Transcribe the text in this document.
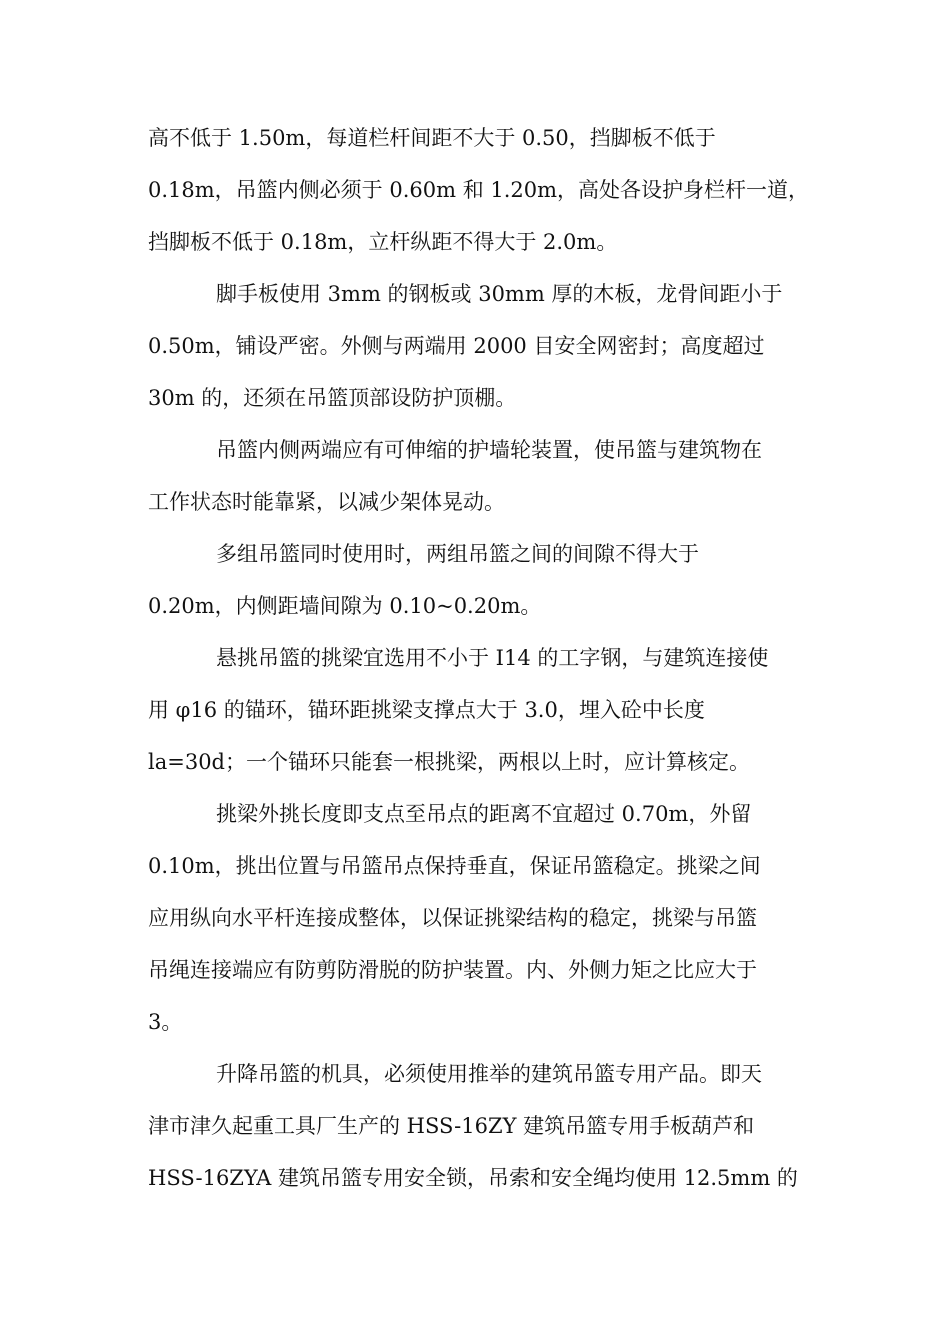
高不低于 1.50m，每道栏杆间距不大于 0.50，挡脚板不低于
0.18m，吊篮内侧必须于 0.60m 和 1.20m，高处各设护身栏杆一道，
挡脚板不低于 0.18m，立杆纵距不得大于 2.0m。
脚手板使用 3mm 的钢板或 30mm 厚的木板，龙骨间距小于
0.50m，铺设严密。外侧与两端用 2000 目安全网密封；高度超过
30m 的，还须在吊篮顶部设防护顶棚。
吊篮内侧两端应有可伸缩的护墙轮装置，使吊篮与建筑物在
工作状态时能靠紧，以减少架体晃动。
多组吊篮同时使用时，两组吊篮之间的间隙不得大于
0.20m，内侧距墙间隙为 0.10~0.20m。
悬挑吊篮的挑梁宜选用不小于 I14 的工字钢，与建筑连接使
用 φ16 的锚环，锚环距挑梁支撑点大于 3.0，埋入砼中长度
la=30d；一个锚环只能套一根挑梁，两根以上时，应计算核定。
挑梁外挑长度即支点至吊点的距离不宜超过 0.70m，外留
0.10m，挑出位置与吊篮吊点保持垂直，保证吊篮稳定。挑梁之间
应用纵向水平杆连接成整体，以保证挑梁结构的稳定，挑梁与吊篮
吊绳连接端应有防剪防滑脱的防护装置。内、外侧力矩之比应大于
3。
升降吊篮的机具，必须使用推举的建筑吊篮专用产品。即天
津市津久起重工具厂生产的 HSS-16ZY 建筑吊篮专用手板葫芦和
HSS-16ZYA 建筑吊篮专用安全锁，吊索和安全绳均使用 12.5mm 的
